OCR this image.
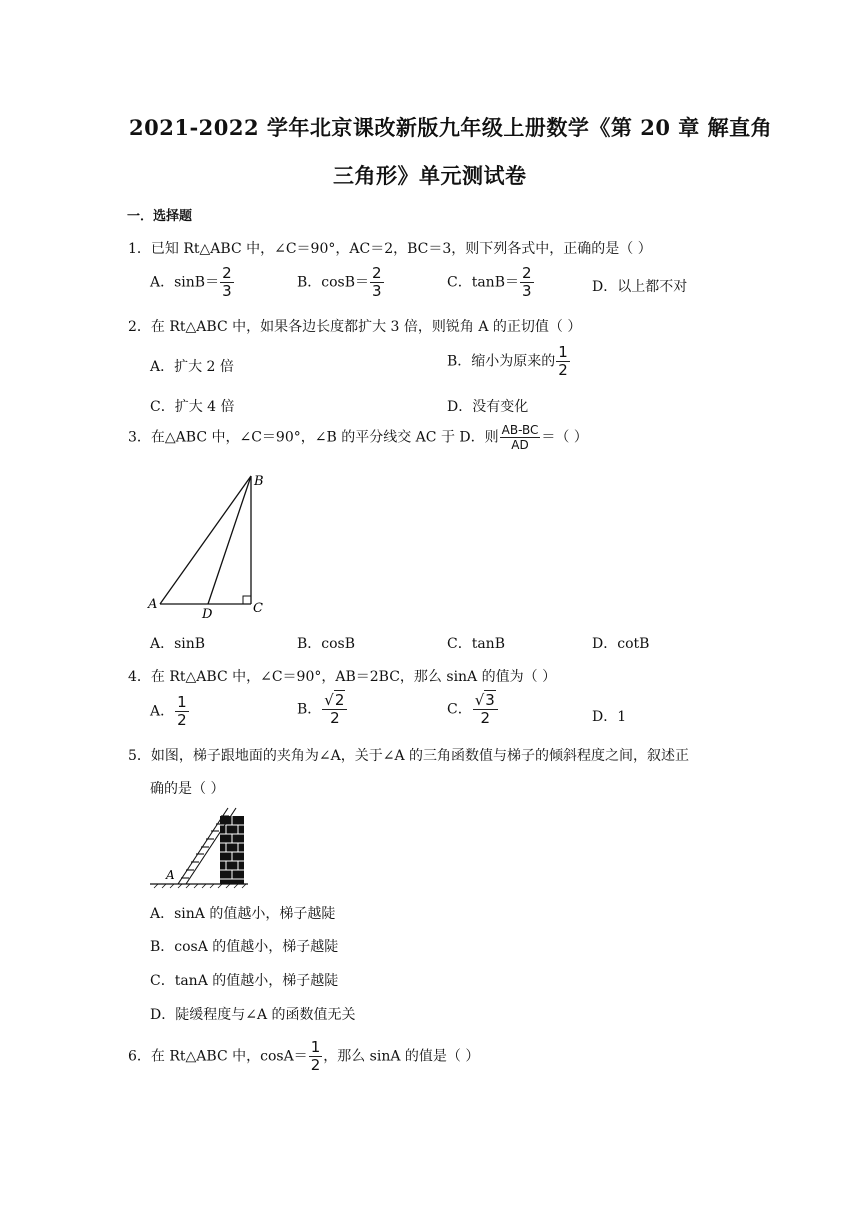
2021-2022 学年北京课改新版九年级上册数学《第 20 章 解直角
三角形》单元测试卷
一．选择题
1．已知 Rt△ABC 中，∠C＝90°，AC＝2，BC＝3，则下列各式中，正确的是（ ）
A．$\sin B= \frac{2}{3}$	B．$\cos B= \frac{2}{3}$	C．$\tan B= \frac{2}{3}$	D．以上都不对
2．在 Rt△ABC 中，如果各边长度都扩大 3 倍，则锐角 A 的正切值（ ）
A．扩大 2 倍	B．缩小为原来的 $\frac{1}{2}$
C．扩大 4 倍	D．没有变化
3．在△ABC 中，∠C＝90°，∠B 的平分线交 AC 于 D．则 $\frac{AB-BC}{AD}$ ＝（ ）
B
A
D	C
A．sinB	B．cosB	C．tanB	D．cotB
4．在 Rt△ABC 中，∠C＝90°，AB＝2BC，那么 sinA 的值为（ ）
A． $\frac{1}{2}$	B． $\frac{√2}{2}$	C． $\frac{√3}{2}$	D．1
5．如图，梯子跟地面的夹角为∠A，关于∠A 的三角函数值与梯子的倾斜程度之间，叙述正
确的是（ ）
A
A．sinA 的值越小，梯子越陡
B．cosA 的值越小，梯子越陡
C．tanA 的值越小，梯子越陡
D．陡缓程度与∠A 的函数值无关
6．在 Rt△ABC 中，$\cos A= \frac{1}{2}$ ，那么 sinA 的值是（ ）
